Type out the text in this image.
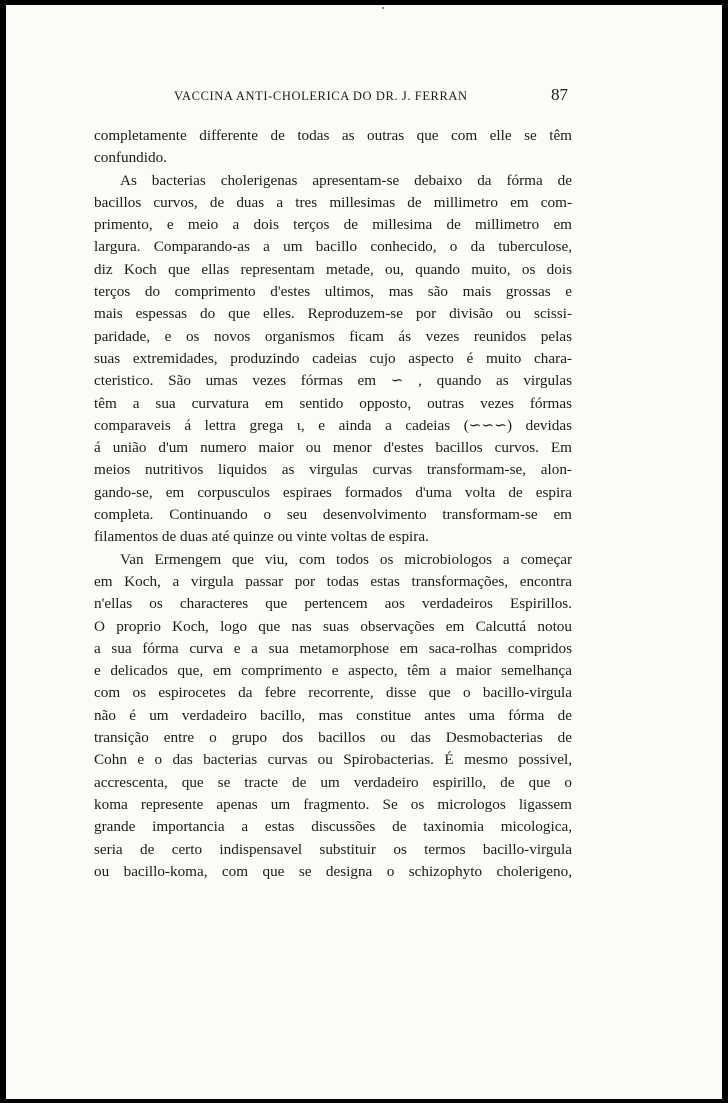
VACCINA ANTI-CHOLERICA DO DR. J. FERRAN	87
completamente differente de todas as outras que com elle se têm
confundido.
As bacterias cholerigenas apresentam-se debaixo da fórma de
bacillos curvos, de duas a tres millesimas de millimetro em com-
primento, e meio a dois terços de millesima de millimetro em
largura. Comparando-as a um bacillo conhecido, o da tuberculose,
diz Koch que ellas representam metade, ou, quando muito, os dois
terços do comprimento d'estes ultimos, mas são mais grossas e
mais espessas do que elles. Reproduzem-se por divisão ou scissi-
paridade, e os novos organismos ficam ás vezes reunidos pelas
suas extremidades, produzindo cadeias cujo aspecto é muito chara-
cteristico. São umas vezes fórmas em ∽ , quando as virgulas
têm a sua curvatura em sentido opposto, outras vezes fórmas
comparaveis á lettra grega ι, e ainda a cadeias (∽∽∽) devidas
á união d'um numero maior ou menor d'estes bacillos curvos. Em
meios nutritivos liquidos as virgulas curvas transformam-se, alon-
gando-se, em corpusculos espiraes formados d'uma volta de espira
completa. Continuando o seu desenvolvimento transformam-se em
filamentos de duas até quinze ou vinte voltas de espira.
Van Ermengem que viu, com todos os microbiologos a começar
em Koch, a virgula passar por todas estas transformações, encontra
n'ellas os characteres que pertencem aos verdadeiros Espirillos.
O proprio Koch, logo que nas suas observações em Calcuttá notou
a sua fórma curva e a sua metamorphose em saca-rolhas compridos
e delicados que, em comprimento e aspecto, têm a maior semelhança
com os espirocetes da febre recorrente, disse que o bacillo-virgula
não é um verdadeiro bacillo, mas constitue antes uma fórma de
transição entre o grupo dos bacillos ou das Desmobacterias de
Cohn e o das bacterias curvas ou Spirobacterias. É mesmo possivel,
accrescenta, que se tracte de um verdadeiro espirillo, de que o
koma represente apenas um fragmento. Se os micrologos ligassem
grande importancia a estas discussões de taxinomia micologica,
seria de certo indispensavel substituir os termos bacillo-virgula
ou bacillo-koma, com que se designa o schizophyto cholerigeno,
